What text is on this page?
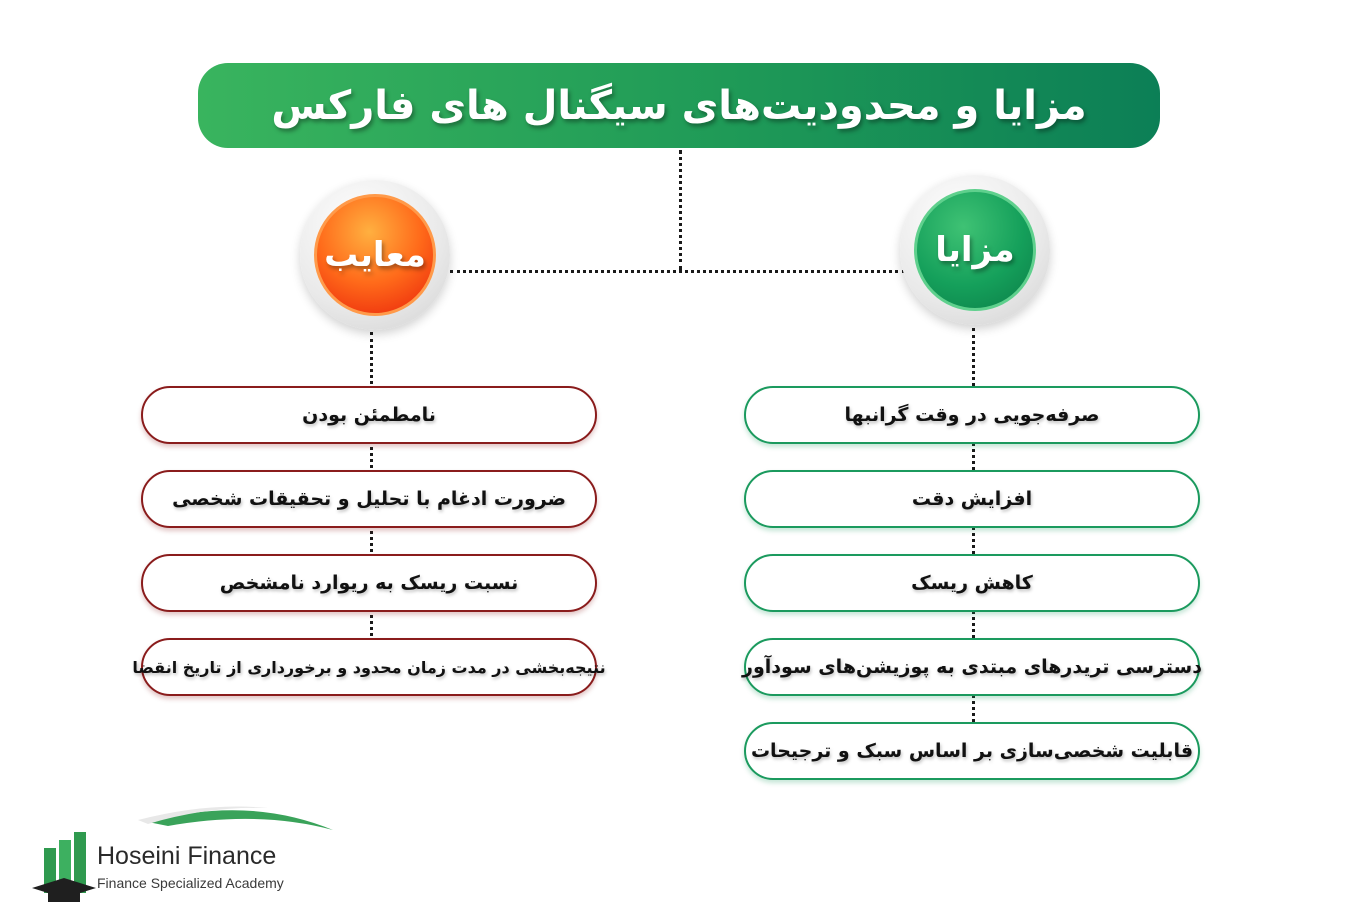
مزایا و محدودیت‌های سیگنال های فارکس
مزایا
معایب
صرفه‌جویی در وقت گرانبها
افزایش دقت
کاهش ریسک
دسترسی تریدرهای مبتدی به پوزیشن‌های سودآور
قابلیت شخصی‌سازی بر اساس سبک و ترجیحات
نامطمئن بودن
ضرورت ادغام با تحلیل و تحقیقات شخصی
نسبت ریسک به ریوارد نامشخص
نتیجه‌بخشی در مدت زمان محدود و برخورداری از تاریخ انقضا
Hoseini Finance
Finance Specialized Academy
